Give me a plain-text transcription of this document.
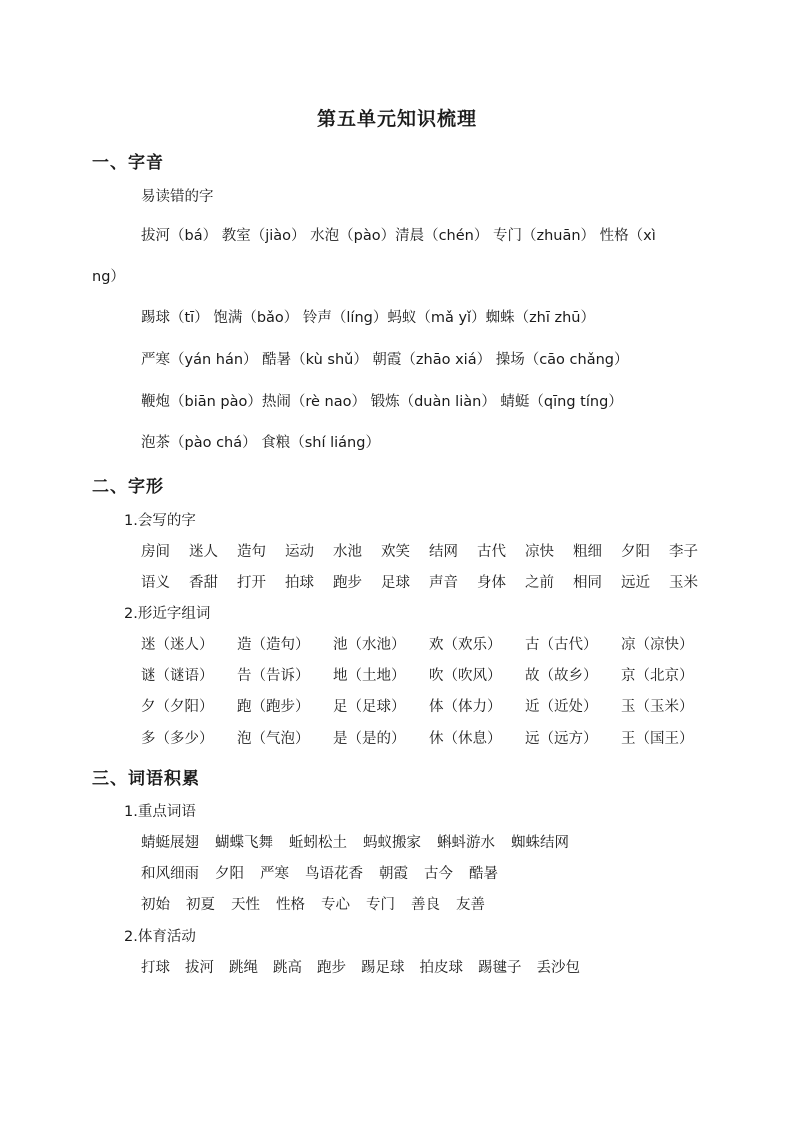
第五单元知识梳理
一、字音
易读错的字
拔河（bá） 教室（jiào） 水泡（pào）清晨（chén） 专门（zhuān） 性格（xì
ng）
踢球（tī） 饱满（bǎo） 铃声（líng）蚂蚁（mǎ yǐ）蜘蛛（zhī zhū）
严寒（yán hán） 酷暑（kù shǔ） 朝霞（zhāo xiá） 操场（cāo chǎng）
鞭炮（biān pào）热闹（rè nao） 锻炼（duàn liàn） 蜻蜓（qīng tíng）
泡茶（pào chá） 食粮（shí liáng）
二、字形
1.会写的字
房间 迷人 造句 运动 水池 欢笑 结网 古代 凉快 粗细 夕阳 李子
语义 香甜 打开 拍球 跑步 足球 声音 身体 之前 相同 远近 玉米
2.形近字组词
迷（迷人） 造（造句） 池（水池） 欢（欢乐） 古（古代） 凉（凉快）
谜（谜语） 告（告诉） 地（土地） 吹（吹风） 故（故乡） 京（北京）
夕（夕阳） 跑（跑步） 足（足球） 体（体力） 近（近处） 玉（玉米）
多（多少） 泡（气泡） 是（是的） 休（休息） 远（远方） 王（国王）
三、词语积累
1.重点词语
蜻蜓展翅 蝴蝶飞舞 蚯蚓松土 蚂蚁搬家 蝌蚪游水 蜘蛛结网
和风细雨 夕阳 严寒 鸟语花香 朝霞 古今 酷暑
初始 初夏 天性 性格 专心 专门 善良 友善
2.体育活动
打球 拔河 跳绳 跳高 跑步 踢足球 拍皮球 踢毽子 丢沙包
